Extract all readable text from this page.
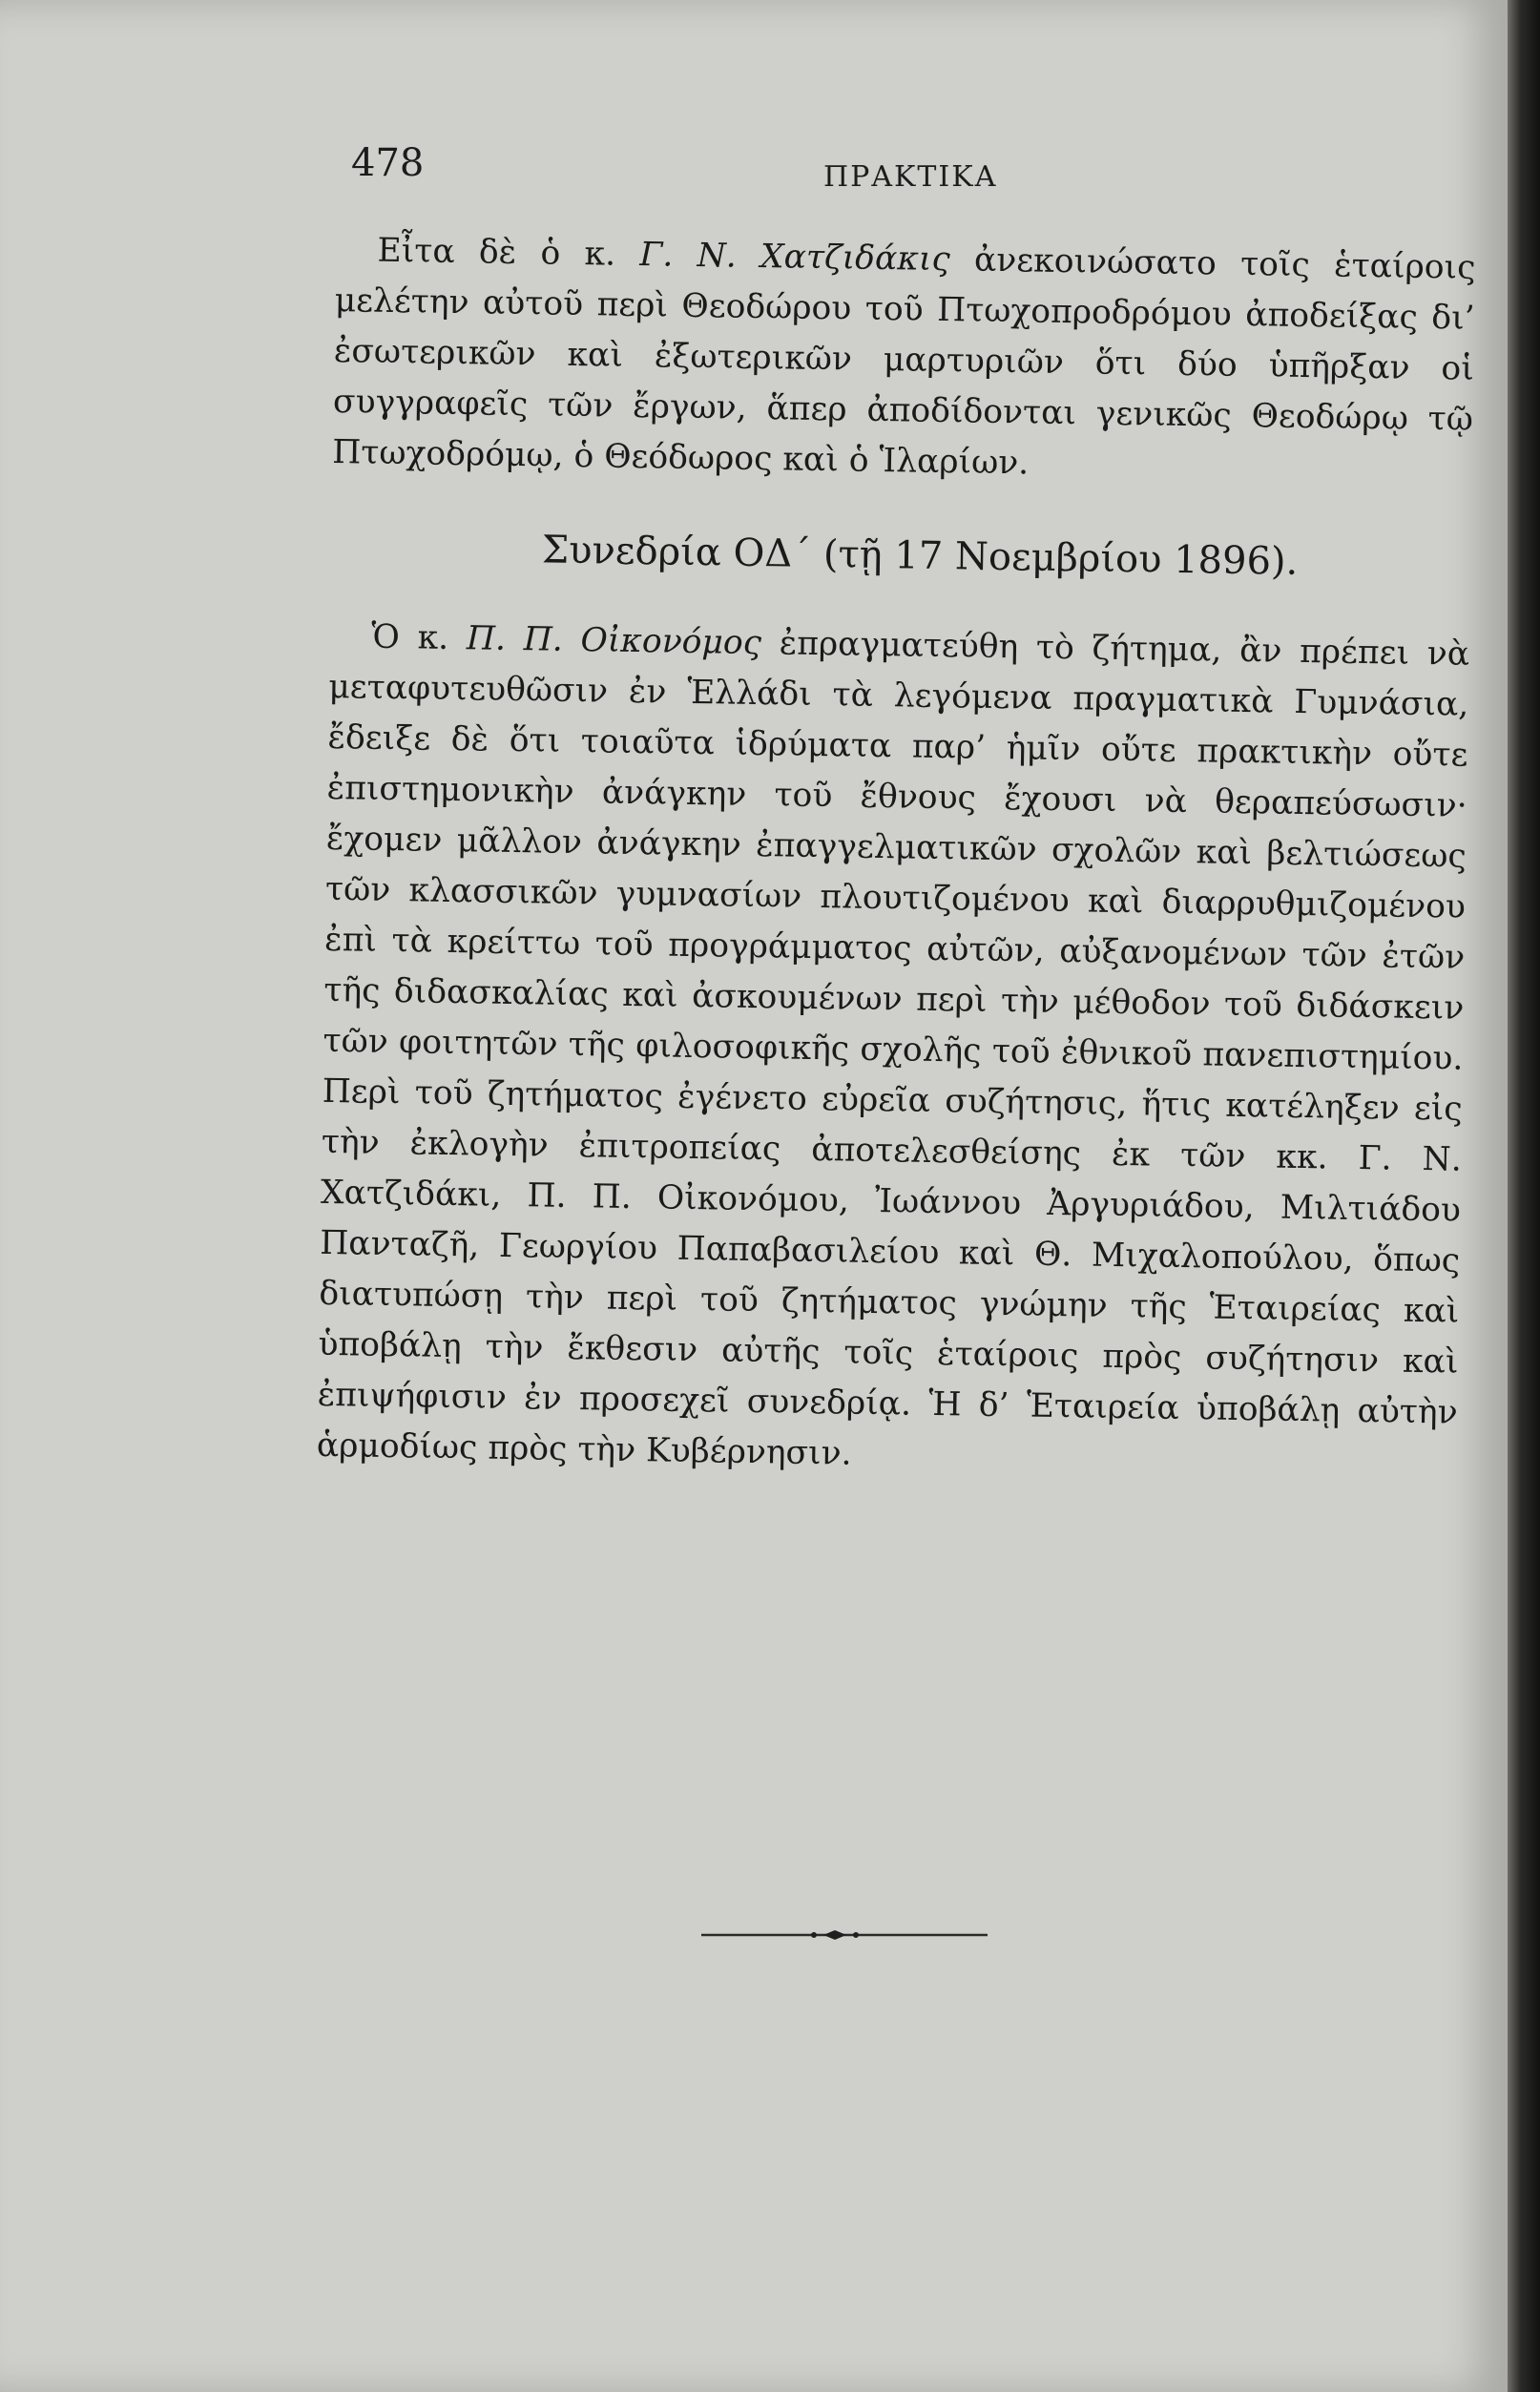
478	ΠΡΑΚΤΙΚΑ

Εἶτα δὲ ὁ κ. Γ. Ν. Χατζιδάκις ἀνεκοινώσατο τοῖς ἑταίροις μελέτην αὐτοῦ περὶ Θεοδώρου τοῦ Πτωχοπροδρόμου ἀποδείξας δι’ ἐσωτερικῶν καὶ ἐξωτερικῶν μαρτυριῶν ὅτι δύο ὑπῆρξαν οἱ συγγραφεῖς τῶν ἔργων, ἅπερ ἀποδίδονται γενικῶς Θεοδώρῳ τῷ Πτωχοδρόμῳ, ὁ Θεόδωρος καὶ ὁ Ἱλαρίων.

Συνεδρία ΟΔ΄ (τῇ 17 Νοεμβρίου 1896).

Ὁ κ. Π. Π. Οἰκονόμος ἐπραγματεύθη τὸ ζήτημα, ἂν πρέπει νὰ μεταφυτευθῶσιν ἐν Ἑλλάδι τὰ λεγόμενα πραγματικὰ Γυμνάσια, ἔδειξε δὲ ὅτι τοιαῦτα ἱδρύματα παρ’ ἡμῖν οὔτε πρακτικὴν οὔτε ἐπιστημονικὴν ἀνάγκην τοῦ ἔθνους ἔχουσι νὰ θεραπεύσωσιν· ἔχομεν μᾶλλον ἀνάγκην ἐπαγγελματικῶν σχολῶν καὶ βελτιώσεως τῶν κλασσικῶν γυμνασίων πλουτιζομένου καὶ διαρρυθμιζομένου ἐπὶ τὰ κρείττω τοῦ προγράμματος αὐτῶν, αὐξανομένων τῶν ἐτῶν τῆς διδασκαλίας καὶ ἀσκουμένων περὶ τὴν μέθοδον τοῦ διδάσκειν τῶν φοιτητῶν τῆς φιλοσοφικῆς σχολῆς τοῦ ἐθνικοῦ πανεπιστημίου. Περὶ τοῦ ζητήματος ἐγένετο εὐρεῖα συζήτησις, ἥτις κατέληξεν εἰς τὴν ἐκλογὴν ἐπιτροπείας ἀποτελεσθείσης ἐκ τῶν κκ. Γ. Ν. Χατζιδάκι, Π. Π. Οἰκονόμου, Ἰωάννου Ἀργυριάδου, Μιλτιάδου Πανταζῆ, Γεωργίου Παπαβασιλείου καὶ Θ. Μιχαλοπούλου, ὅπως διατυπώσῃ τὴν περὶ τοῦ ζητήματος γνώμην τῆς Ἑταιρείας καὶ ὑποβάλῃ τὴν ἔκθεσιν αὐτῆς τοῖς ἑταίροις πρὸς συζήτησιν καὶ ἐπιψήφισιν ἐν προσεχεῖ συνεδρίᾳ. Ἡ δ’ Ἑταιρεία ὑποβάλῃ αὐτὴν ἁρμοδίως πρὸς τὴν Κυβέρνησιν.
